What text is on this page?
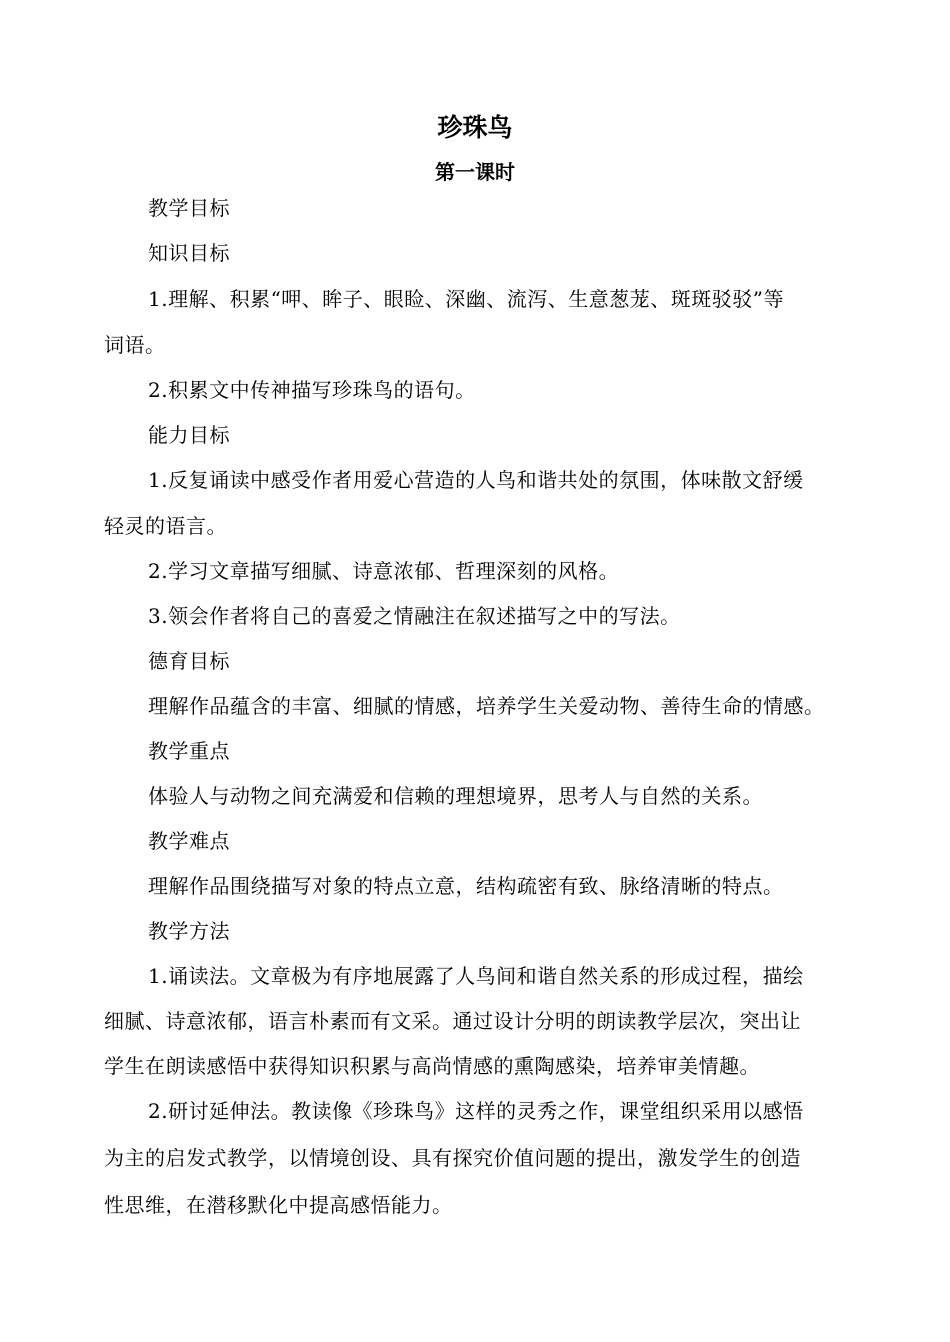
珍珠鸟
第一课时
教学目标
知识目标
1.理解、积累“呷、眸子、眼睑、深幽、流泻、生意葱茏、斑斑驳驳”等
词语。
2.积累文中传神描写珍珠鸟的语句。
能力目标
1.反复诵读中感受作者用爱心营造的人鸟和谐共处的氛围，体味散文舒缓
轻灵的语言。
2.学习文章描写细腻、诗意浓郁、哲理深刻的风格。
3.领会作者将自己的喜爱之情融注在叙述描写之中的写法。
德育目标
理解作品蕴含的丰富、细腻的情感，培养学生关爱动物、善待生命的情感。
教学重点
体验人与动物之间充满爱和信赖的理想境界，思考人与自然的关系。
教学难点
理解作品围绕描写对象的特点立意，结构疏密有致、脉络清晰的特点。
教学方法
1.诵读法。文章极为有序地展露了人鸟间和谐自然关系的形成过程，描绘
细腻、诗意浓郁，语言朴素而有文采。通过设计分明的朗读教学层次，突出让
学生在朗读感悟中获得知识积累与高尚情感的熏陶感染，培养审美情趣。
2.研讨延伸法。教读像《珍珠鸟》这样的灵秀之作，课堂组织采用以感悟
为主的启发式教学，以情境创设、具有探究价值问题的提出，激发学生的创造
性思维，在潜移默化中提高感悟能力。
